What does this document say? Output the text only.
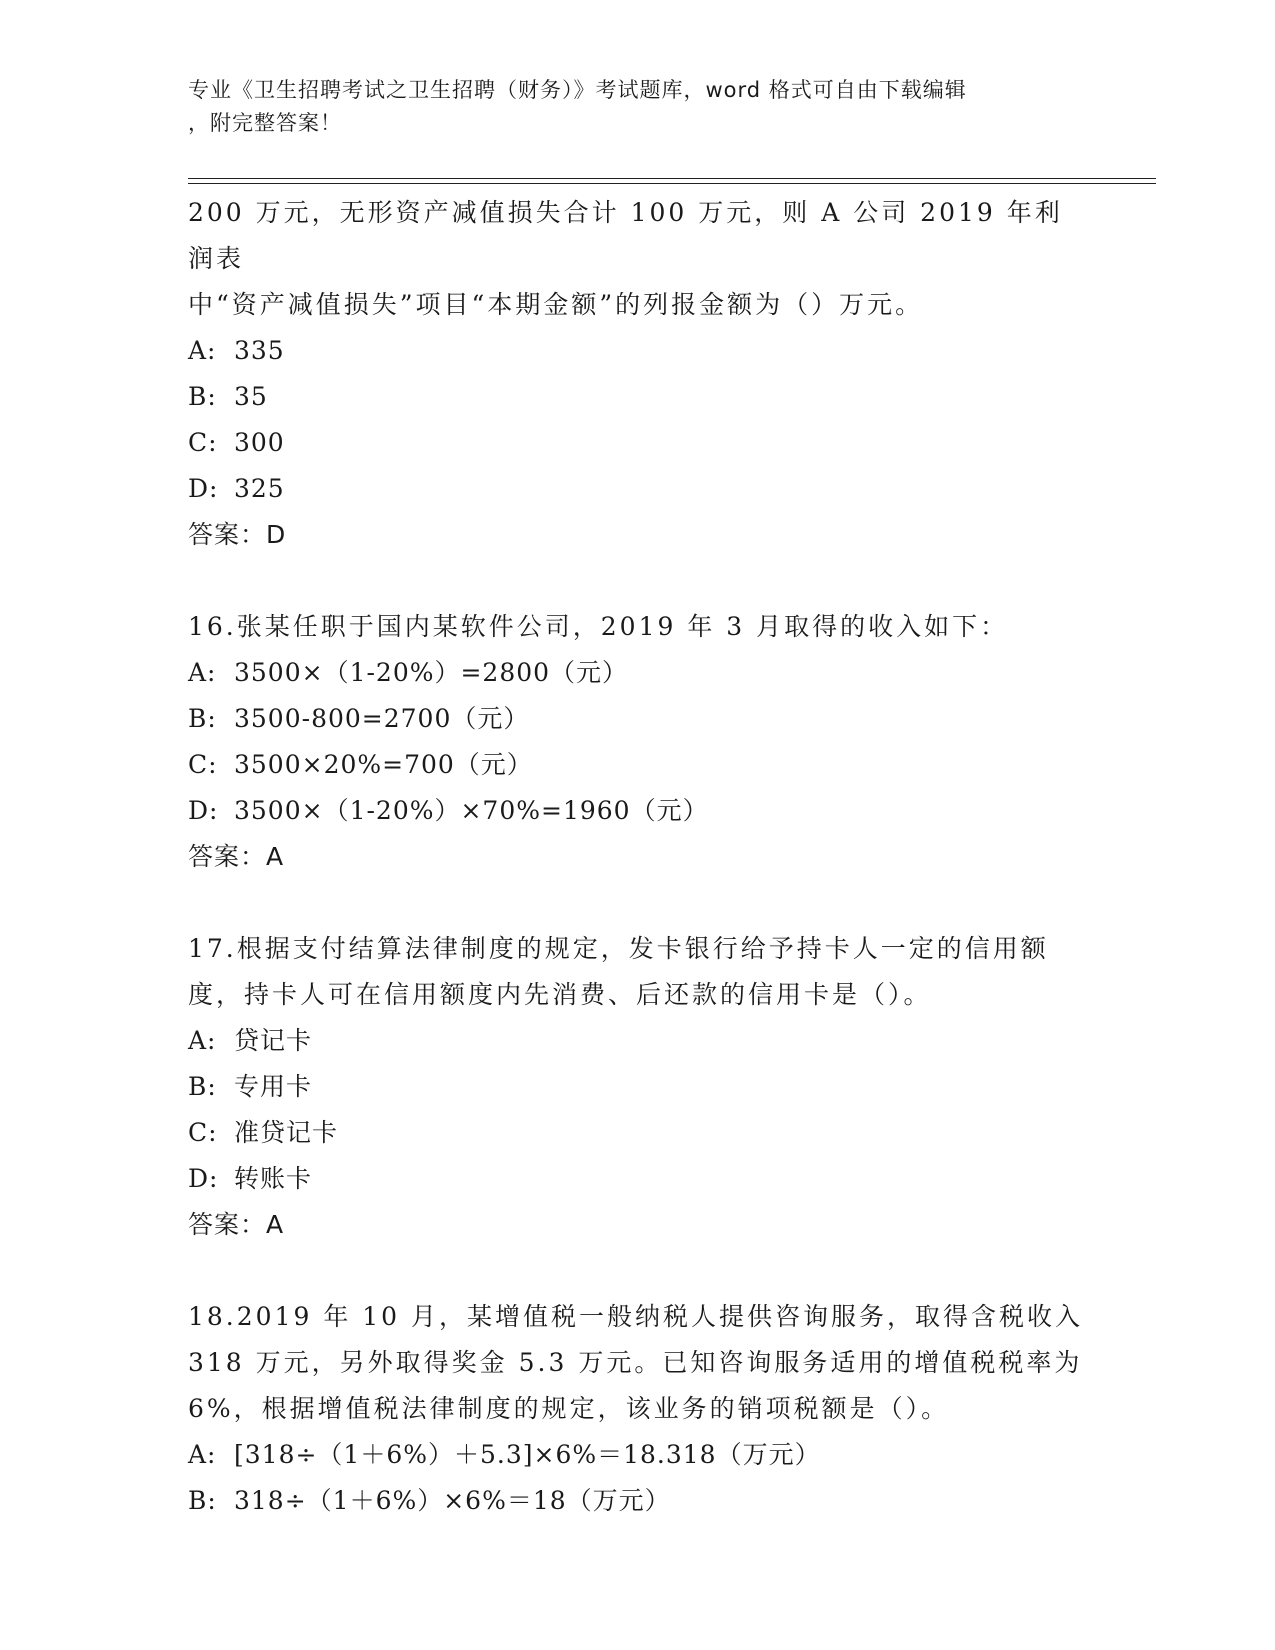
专业《卫生招聘考试之卫生招聘（财务）》考试题库，word 格式可自由下载编辑
，附完整答案！

200 万元，无形资产减值损失合计 100 万元，则 A 公司 2019 年利润表

中“资产减值损失”项目“本期金额”的列报金额为（）万元。

A: 335

B: 35

C: 300

D: 325

答案：D

16.张某任职于国内某软件公司，2019 年 3 月取得的收入如下：

A: 3500×（1-20%）=2800（元）

B: 3500-800=2700（元）

C: 3500×20%=700（元）

D: 3500×（1-20%）×70%=1960（元）

答案：A

17.根据支付结算法律制度的规定，发卡银行给予持卡人一定的信用额

度，持卡人可在信用额度内先消费、后还款的信用卡是（）。

A: 贷记卡

B: 专用卡

C: 准贷记卡

D: 转账卡

答案：A

18.2019 年 10 月，某增值税一般纳税人提供咨询服务，取得含税收入

318 万元，另外取得奖金 5.3 万元。已知咨询服务适用的增值税税率为

6%，根据增值税法律制度的规定，该业务的销项税额是（）。

A: [318÷（1＋6%）＋5.3]×6%＝18.318（万元）

B: 318÷（1＋6%）×6%＝18（万元）
